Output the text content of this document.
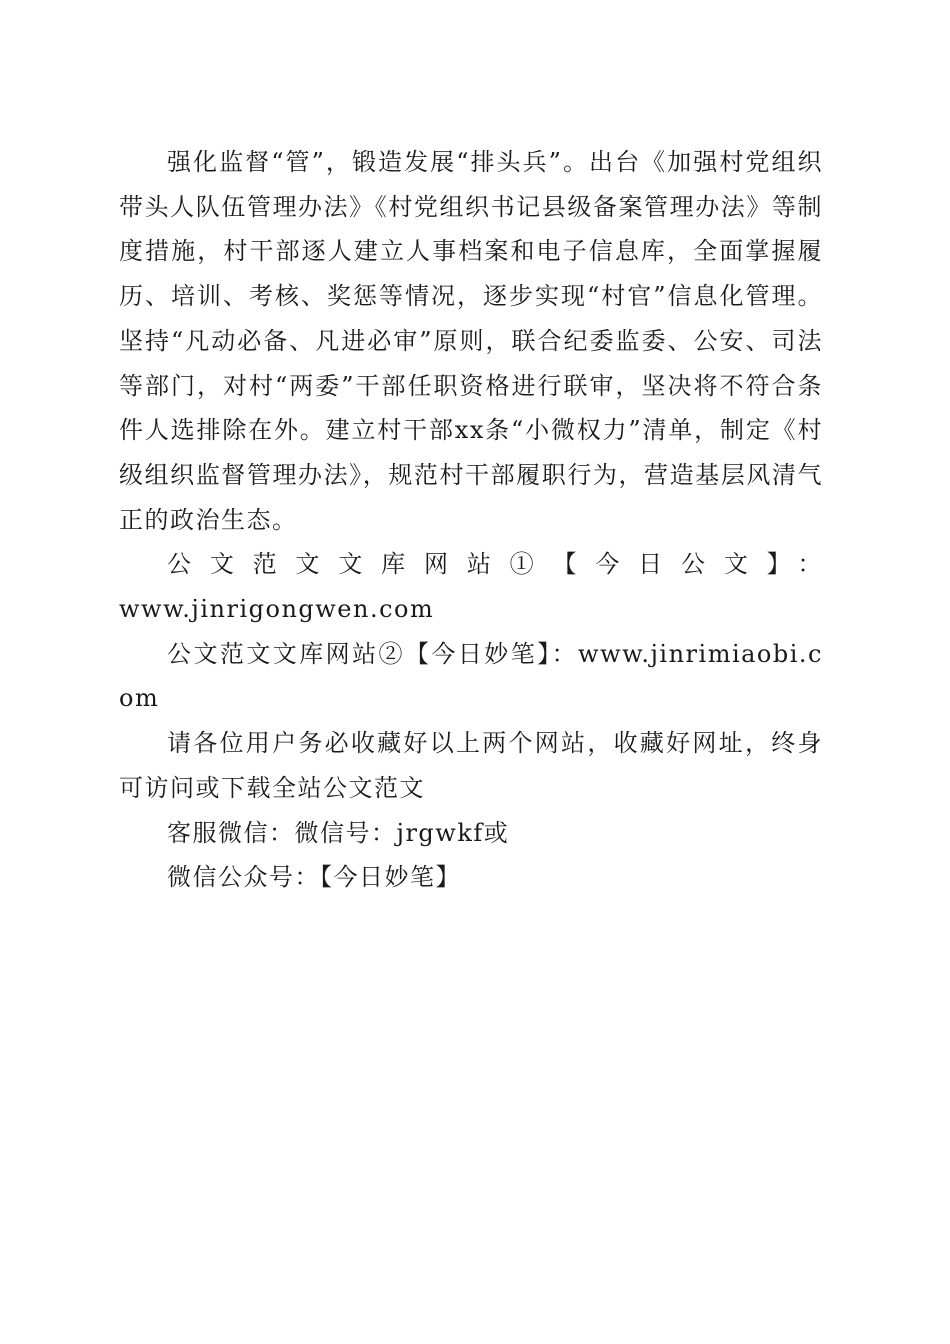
强化监督“管”，锻造发展“排头兵”。出台《加强村党组织带头人队伍管理办法》《村党组织书记县级备案管理办法》等制度措施，村干部逐人建立人事档案和电子信息库，全面掌握履历、培训、考核、奖惩等情况，逐步实现“村官”信息化管理。坚持“凡动必备、凡进必审”原则，联合纪委监委、公安、司法等部门，对村“两委”干部任职资格进行联审，坚决将不符合条件人选排除在外。建立村干部xx条“小微权力”清单，制定《村级组织监督管理办法》，规范村干部履职行为，营造基层风清气正的政治生态。

公文范文文库网站①【今日公文】：

www.jinrigongwen.com

公文范文文库网站②【今日妙笔】：www.jinrimiaobi.com

请各位用户务必收藏好以上两个网站，收藏好网址，终身可访问或下载全站公文范文

客服微信：微信号：jrgwkf或

微信公众号：【今日妙笔】
